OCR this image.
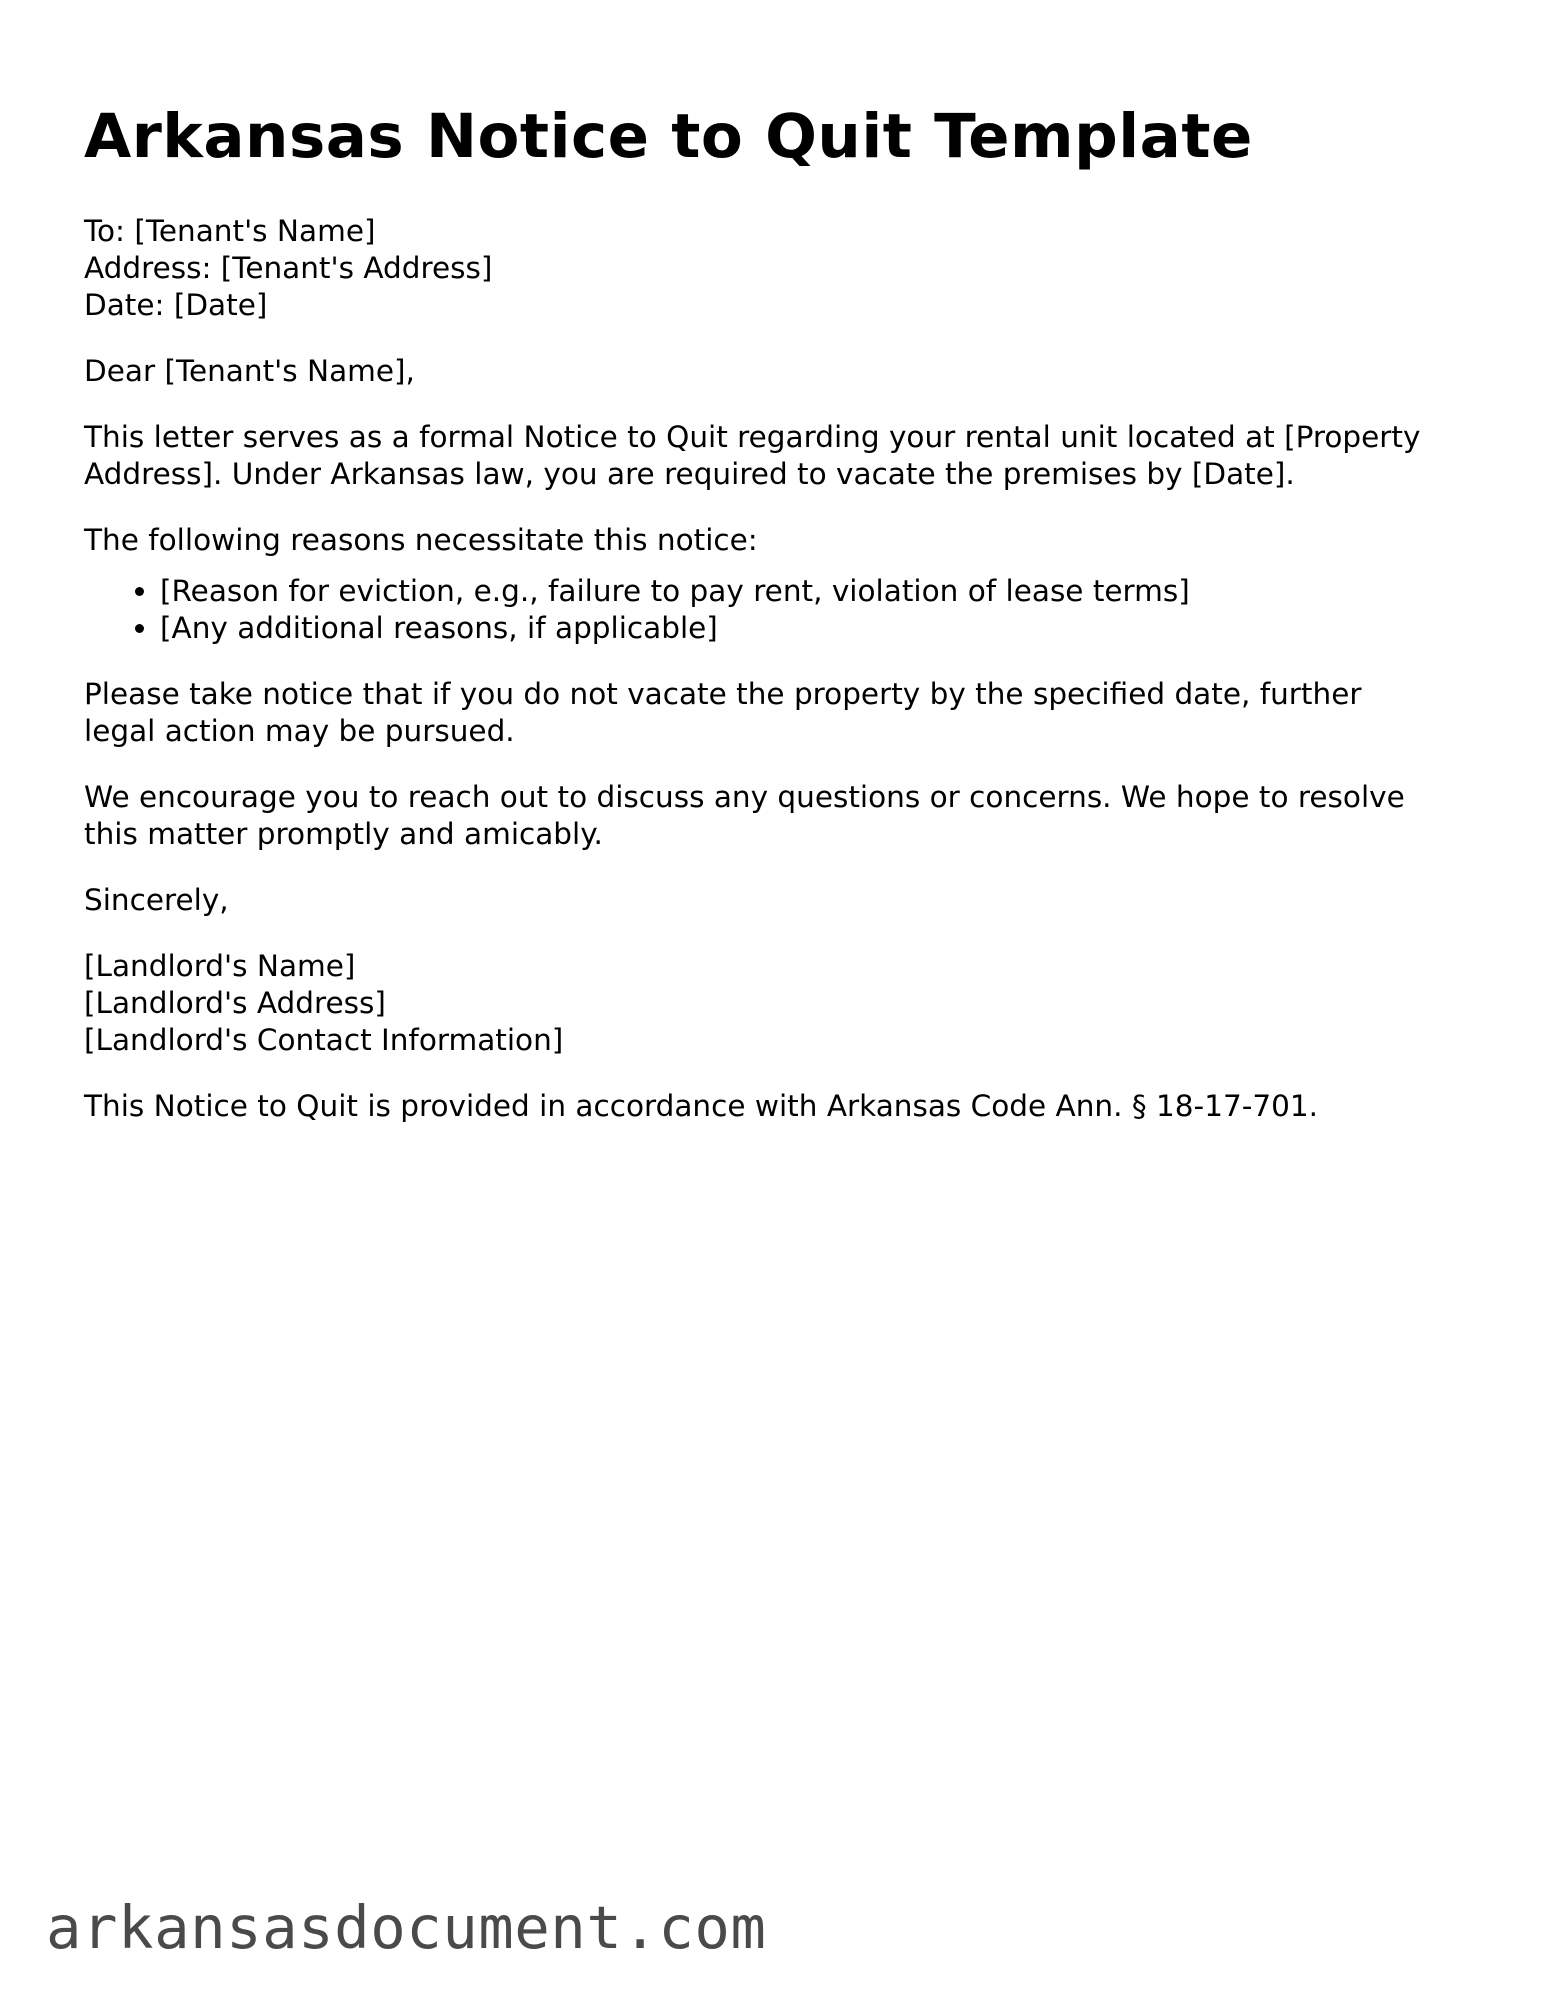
Arkansas Notice to Quit Template
To: [Tenant's Name]
Address: [Tenant's Address]
Date: [Date]
Dear [Tenant's Name],
This letter serves as a formal Notice to Quit regarding your rental unit located at [Property
Address]. Under Arkansas law, you are required to vacate the premises by [Date].
The following reasons necessitate this notice:
• [Reason for eviction, e.g., failure to pay rent, violation of lease terms]
• [Any additional reasons, if applicable]
Please take notice that if you do not vacate the property by the specified date, further
legal action may be pursued.
We encourage you to reach out to discuss any questions or concerns. We hope to resolve
this matter promptly and amicably.
Sincerely,
[Landlord's Name]
[Landlord's Address]
[Landlord's Contact Information]
This Notice to Quit is provided in accordance with Arkansas Code Ann. § 18-17-701.
arkansasdocument.com
